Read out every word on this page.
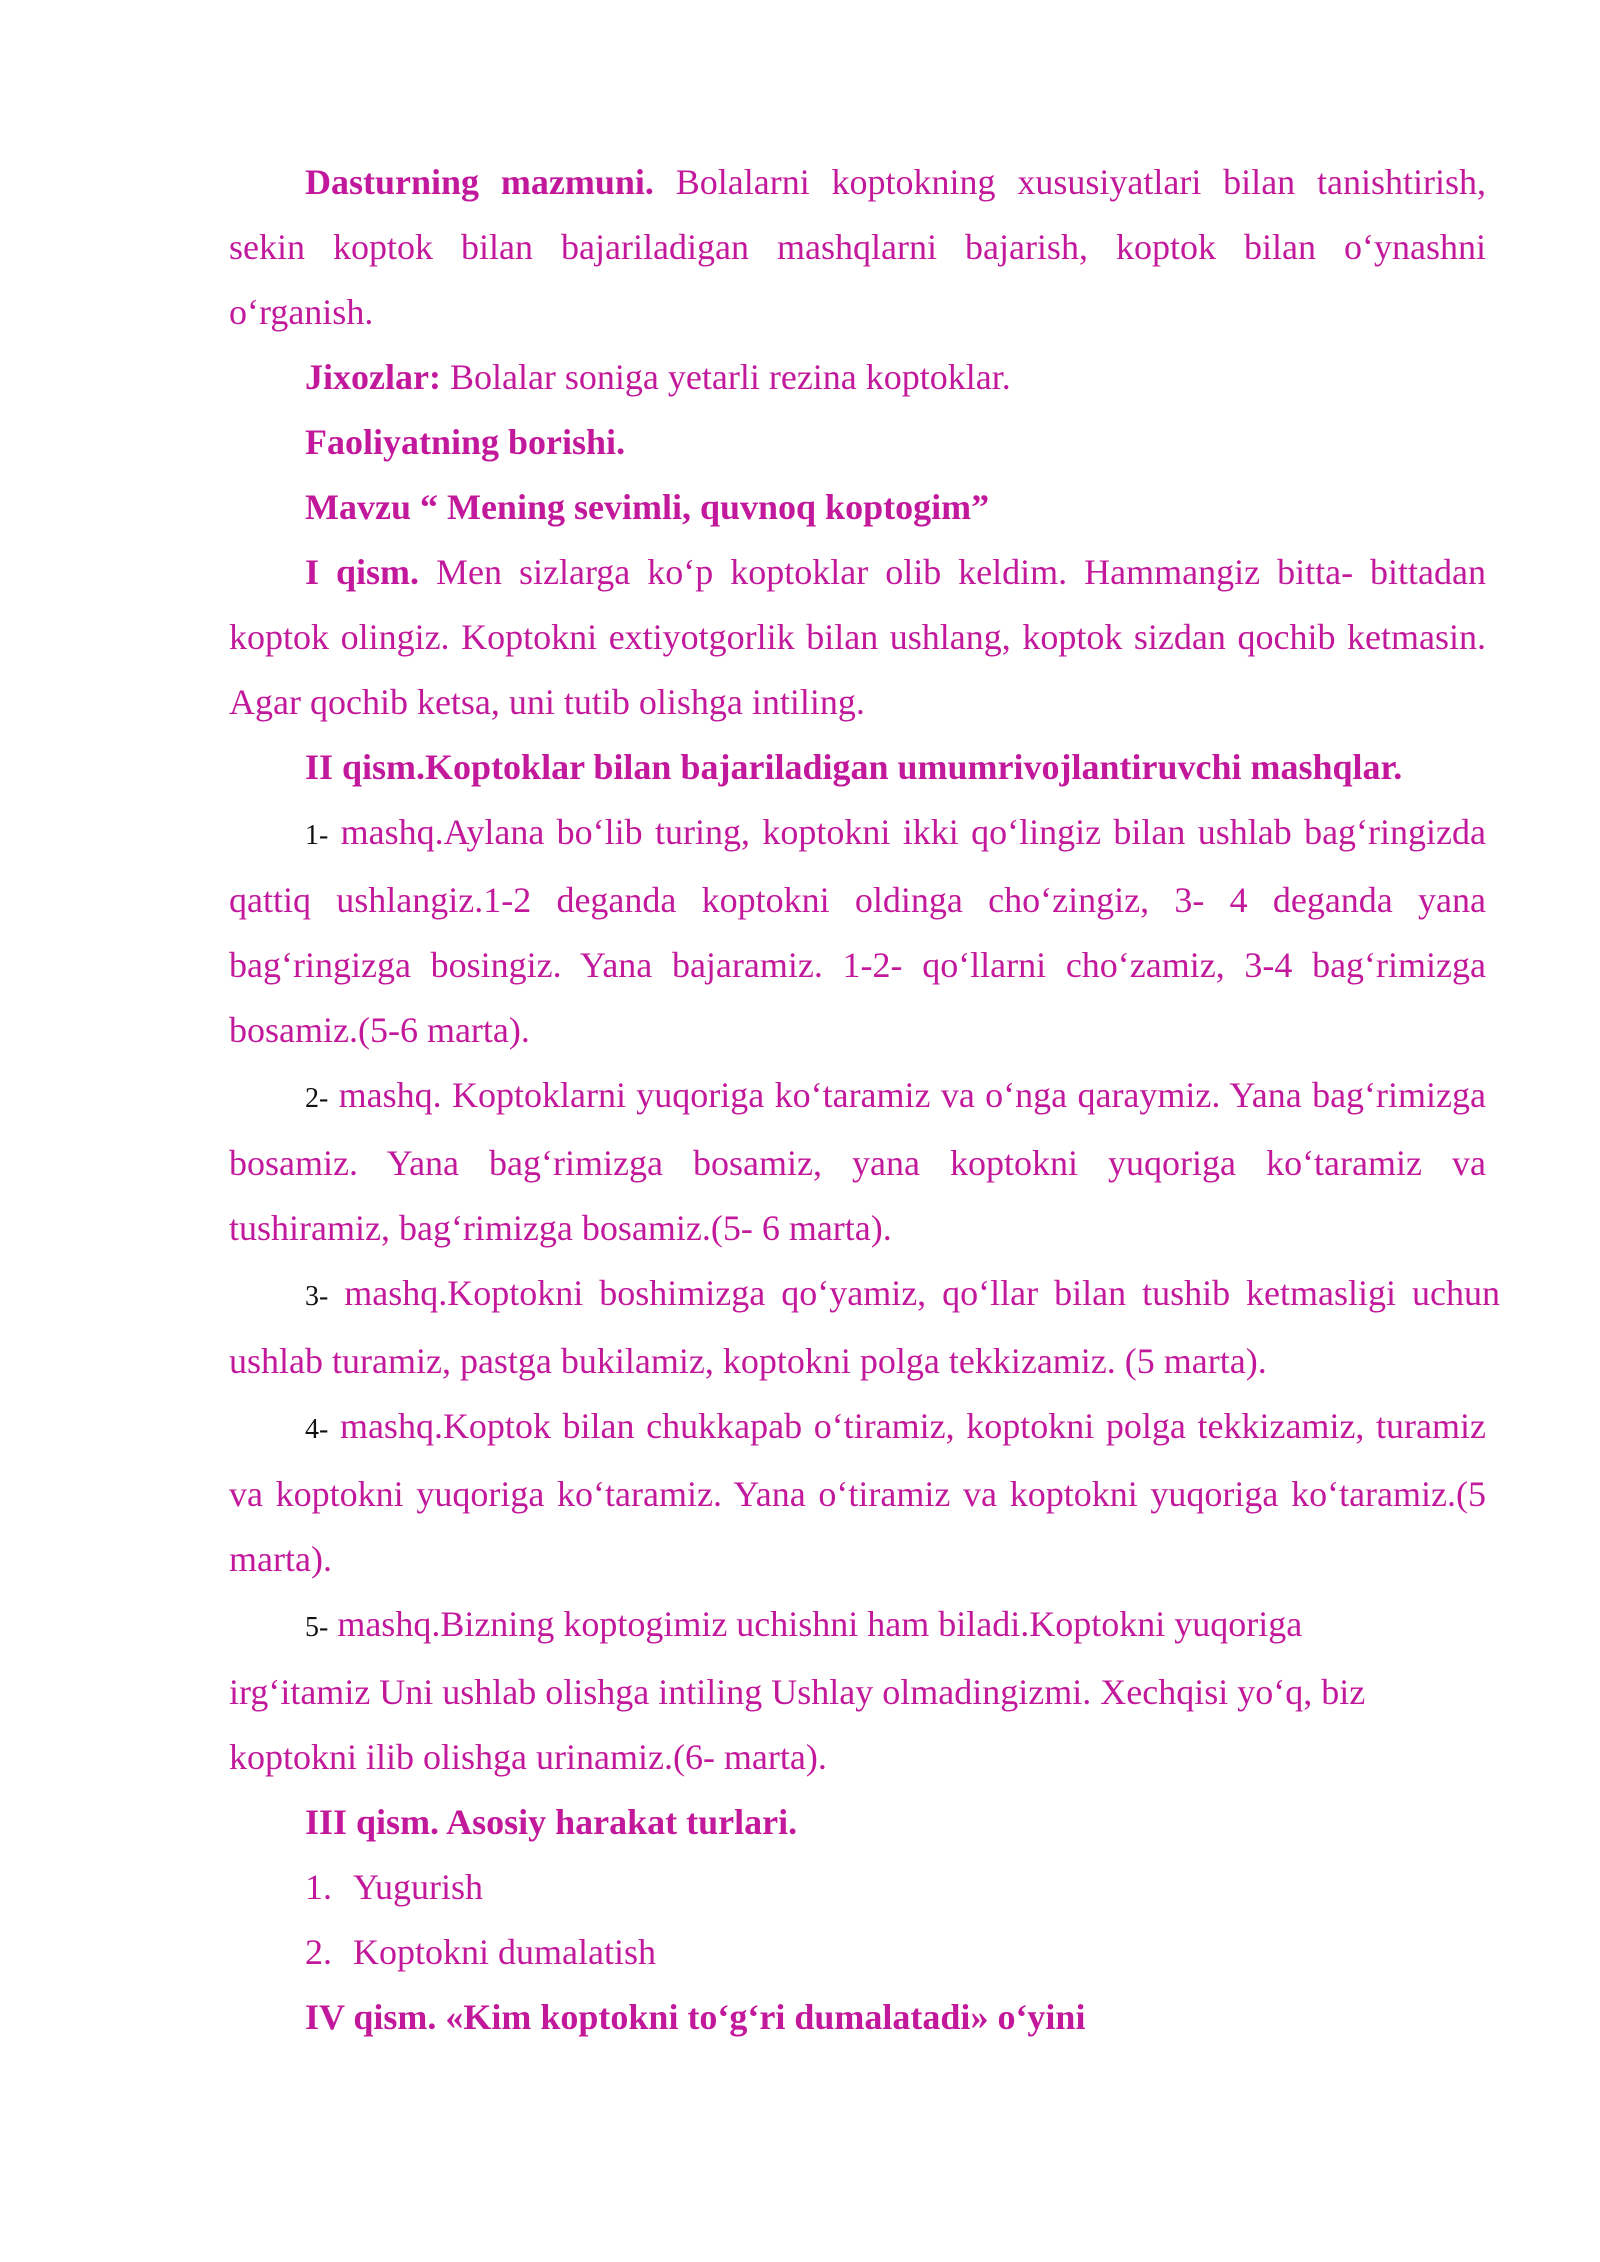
Dasturning mazmuni. Bolalarni koptokning xususiyatlari bilan tanishtirish, sekin koptok bilan bajariladigan mashqlarni bajarish, koptok bilan o‘ynashni o‘rganish.

Jixozlar: Bolalar soniga yetarli rezina koptoklar.

Faoliyatning borishi.

Mavzu “ Mening sevimli, quvnoq koptogim”

I qism. Men sizlarga ko‘p koptoklar olib keldim. Hammangiz bitta- bittadan koptok olingiz. Koptokni extiyotgorlik bilan ushlang, koptok sizdan qochib ketmasin. Agar qochib ketsa, uni tutib olishga intiling.

II qism.Koptoklar bilan bajariladigan umumrivojlantiruvchi mashqlar.

1- mashq.Aylana bo‘lib turing, koptokni ikki qo‘lingiz bilan ushlab bag‘ringizda qattiq ushlangiz.1-2 deganda koptokni oldinga cho‘zingiz, 3- 4 deganda yana bag‘ringizga bosingiz. Yana bajaramiz. 1-2- qo‘llarni cho‘zamiz, 3-4 bag‘rimizga bosamiz.(5-6 marta).

2- mashq. Koptoklarni yuqoriga ko‘taramiz va o‘nga qaraymiz. Yana bag‘rimizga bosamiz. Yana bag‘rimizga bosamiz, yana koptokni yuqoriga ko‘taramiz va tushiramiz, bag‘rimizga bosamiz.(5- 6 marta).

3- mashq.Koptokni boshimizga qo‘yamiz, qo‘llar bilan tushib ketmasligi uchun ushlab turamiz, pastga bukilamiz, koptokni polga tekkizamiz. (5 marta).

4- mashq.Koptok bilan chukkapab o‘tiramiz, koptokni polga tekkizamiz, turamiz va koptokni yuqoriga ko‘taramiz. Yana o‘tiramiz va koptokni yuqoriga ko‘taramiz.(5 marta).

5- mashq.Bizning koptogimiz uchishni ham biladi.Koptokni yuqoriga
irg‘itamiz Uni ushlab olishga intiling Ushlay olmadingizmi. Xechqisi yo‘q, biz
koptokni ilib olishga urinamiz.(6- marta).

III qism. Asosiy harakat turlari.

1. Yugurish

2. Koptokni dumalatish

IV qism. «Kim koptokni to‘g‘ri dumalatadi» o‘yini
